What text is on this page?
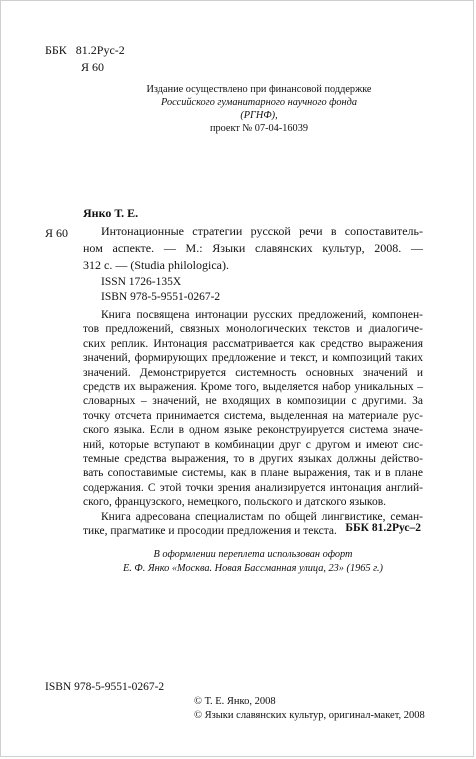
ББК 81.2Рус-2
Я 60
Издание осуществлено при финансовой поддержке
Российского гуманитарного научного фонда
(РГНФ),
проект № 07-04-16039
Янко Т. Е.
Я 60	Интонационные стратегии русской речи в сопоставитель-
ном аспекте. — М.: Языки славянских культур, 2008. —
312 с. — (Studia philologica).
ISSN 1726-135X
ISBN 978-5-9551-0267-2
Книга посвящена интонации русских предложений, компонен-
тов предложений, связных монологических текстов и диалогиче-
ских реплик. Интонация рассматривается как средство выражения
значений, формирующих предложение и текст, и композиций таких
значений. Демонстрируется системность основных значений и
средств их выражения. Кроме того, выделяется набор уникальных –
словарных – значений, не входящих в композиции с другими. За
точку отсчета принимается система, выделенная на материале рус-
ского языка. Если в одном языке реконструируется система значе-
ний, которые вступают в комбинации друг с другом и имеют сис-
темные средства выражения, то в других языках должны действо-
вать сопоставимые системы, как в плане выражения, так и в плане
содержания. С этой точки зрения анализируется интонация англий-
ского, французского, немецкого, польского и датского языков.
Книга адресована специалистам по общей лингвистике, семан-
тике, прагматике и просодии предложения и текста. ББК 81.2Рус–2
В оформлении переплета использован офорт
Е. Ф. Янко «Москва. Новая Бассманная улица, 23» (1965 г.)
ISBN 978-5-9551-0267-2
© Т. Е. Янко, 2008
© Языки славянских культур, оригинал-макет, 2008
